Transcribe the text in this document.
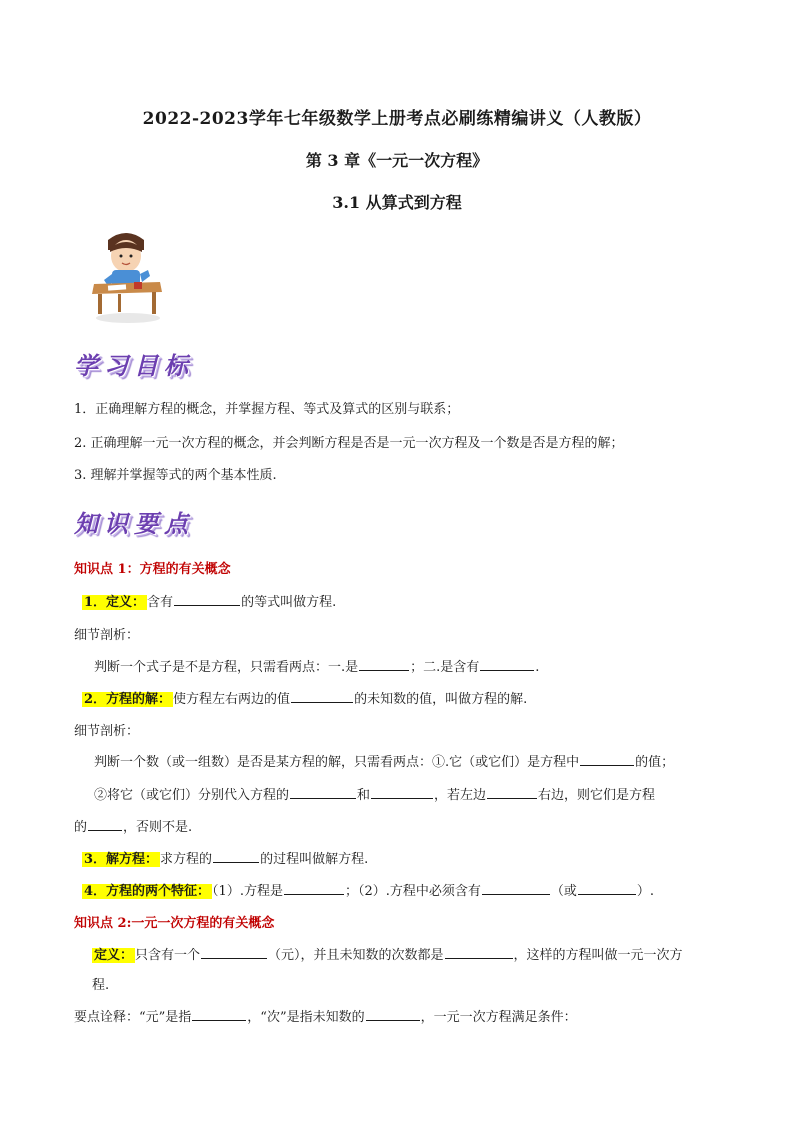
2022-2023学年七年级数学上册考点必刷练精编讲义（人教版）
第 3 章《一元一次方程》
3.1 从算式到方程
学习目标
1．正确理解方程的概念，并掌握方程、等式及算式的区别与联系；
2. 正确理解一元一次方程的概念，并会判断方程是否是一元一次方程及一个数是否是方程的解；
3. 理解并掌握等式的两个基本性质.
知识要点
知识点 1：方程的有关概念
1．定义： 含有	的等式叫做方程.
细节剖析：
判断一个式子是不是方程，只需看两点：一.是	；二.是含有	.
2．方程的解： 使方程左右两边的值	的未知数的值，叫做方程的解.
细节剖析：
判断一个数（或一组数）是否是某方程的解，只需看两点：①.它（或它们）是方程中	的值；
②将它（或它们）分别代入方程的	和	，若左边	右边，则它们是方程
的	，否则不是.
3．解方程： 求方程的	的过程叫做解方程.
4．方程的两个特征： （1）.方程是	；（2）.方程中必须含有	（或	）.
知识点 2:一元一次方程的有关概念
定义： 只含有一个	（元），并且未知数的次数都是	，这样的方程叫做一元一次方
程.
要点诠释：“元”是指	，“次”是指未知数的	，一元一次方程满足条件：
